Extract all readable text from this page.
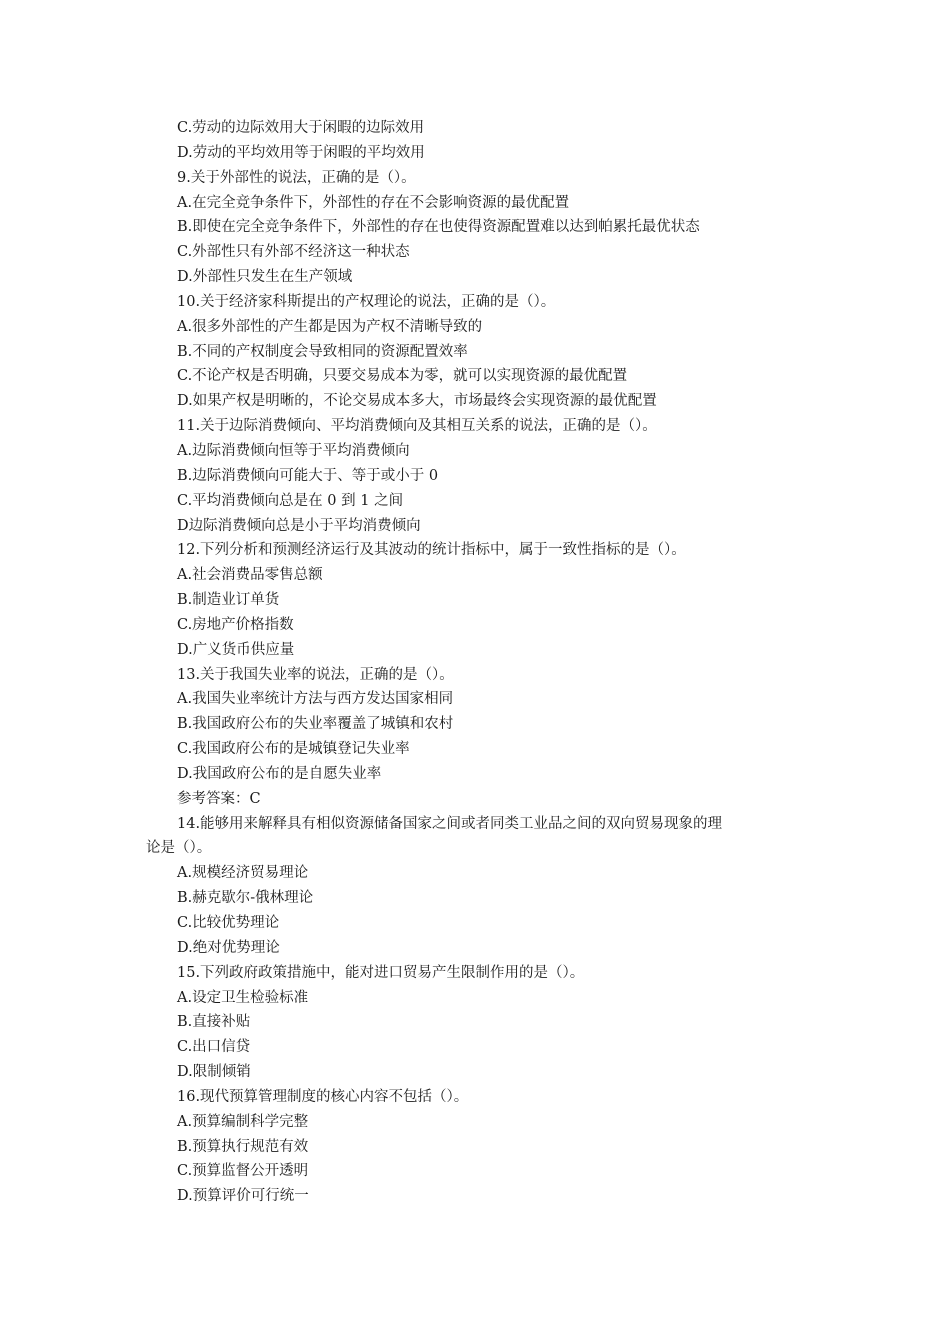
C.劳动的边际效用大于闲暇的边际效用
D.劳动的平均效用等于闲暇的平均效用
9.关于外部性的说法，正确的是（）。
A.在完全竞争条件下，外部性的存在不会影响资源的最优配置
B.即使在完全竞争条件下，外部性的存在也使得资源配置难以达到帕累托最优状态
C.外部性只有外部不经济这一种状态
D.外部性只发生在生产领域
10.关于经济家科斯提出的产权理论的说法，正确的是（）。
A.很多外部性的产生都是因为产权不清晰导致的
B.不同的产权制度会导致相同的资源配置效率
C.不论产权是否明确，只要交易成本为零，就可以实现资源的最优配置
D.如果产权是明晰的，不论交易成本多大，市场最终会实现资源的最优配置
11.关于边际消费倾向、平均消费倾向及其相互关系的说法，正确的是（）。
A.边际消费倾向恒等于平均消费倾向
B.边际消费倾向可能大于、等于或小于 0
C.平均消费倾向总是在 0 到 1 之间
D边际消费倾向总是小于平均消费倾向
12.下列分析和预测经济运行及其波动的统计指标中，属于一致性指标的是（）。
A.社会消费品零售总额
B.制造业订单货
C.房地产价格指数
D.广义货币供应量
13.关于我国失业率的说法，正确的是（）。
A.我国失业率统计方法与西方发达国家相同
B.我国政府公布的失业率覆盖了城镇和农村
C.我国政府公布的是城镇登记失业率
D.我国政府公布的是自愿失业率
参考答案：C
14.能够用来解释具有相似资源储备国家之间或者同类工业品之间的双向贸易现象的理
论是（）。
A.规模经济贸易理论
B.赫克歇尔-俄林理论
C.比较优势理论
D.绝对优势理论
15.下列政府政策措施中，能对进口贸易产生限制作用的是（）。
A.设定卫生检验标准
B.直接补贴
C.出口信贷
D.限制倾销
16.现代预算管理制度的核心内容不包括（）。
A.预算编制科学完整
B.预算执行规范有效
C.预算监督公开透明
D.预算评价可行统一
